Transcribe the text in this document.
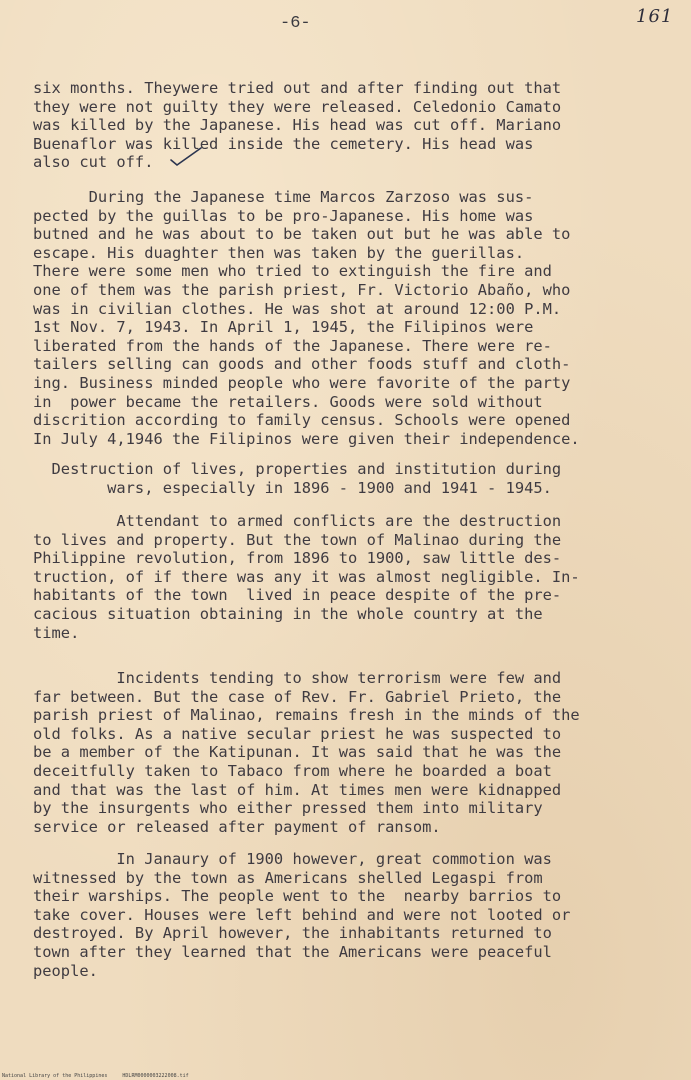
-6-	161
six months. Theywere tried out and after finding out that
they were not guilty they were released. Celedonio Camato
was killed by the Japanese. His head was cut off. Mariano
Buenaflor was killed inside the cemetery. His head was
also cut off.
During the Japanese time Marcos Zarzoso was sus-
pected by the guillas to be pro-Japanese. His home was
butned and he was about to be taken out but he was able to
escape. His duaghter then was taken by the guerillas.
There were some men who tried to extinguish the fire and
one of them was the parish priest, Fr. Victorio Abaño, who
was in civilian clothes. He was shot at around 12:00 P.M.
1st Nov. 7, 1943. In April 1, 1945, the Filipinos were
liberated from the hands of the Japanese. There were re-
tailers selling can goods and other foods stuff and cloth-
ing. Business minded people who were favorite of the party
in  power became the retailers. Goods were sold without
discrition according to family census. Schools were opened
In July 4,1946 the Filipinos were given their independence.
Destruction of lives, properties and institution during
wars, especially in 1896 - 1900 and 1941 - 1945.
Attendant to armed conflicts are the destruction
to lives and property. But the town of Malinao during the
Philippine revolution, from 1896 to 1900, saw little des-
truction, of if there was any it was almost negligible. In-
habitants of the town  lived in peace despite of the pre-
cacious situation obtaining in the whole country at the
time.
Incidents tending to show terrorism were few and
far between. But the case of Rev. Fr. Gabriel Prieto, the
parish priest of Malinao, remains fresh in the minds of the
old folks. As a native secular priest he was suspected to
be a member of the Katipunan. It was said that he was the
deceitfully taken to Tabaco from where he boarded a boat
and that was the last of him. At times men were kidnapped
by the insurgents who either pressed them into military
service or released after payment of ransom.
In Janaury of 1900 however, great commotion was
witnessed by the town as Americans shelled Legaspi from
their warships. The people went to the  nearby barrios to
take cover. Houses were left behind and were not looted or
destroyed. By April however, the inhabitants returned to
town after they learned that the Americans were peaceful
people.
National Library of the Philippines     HDLRM0000003222008.tif
